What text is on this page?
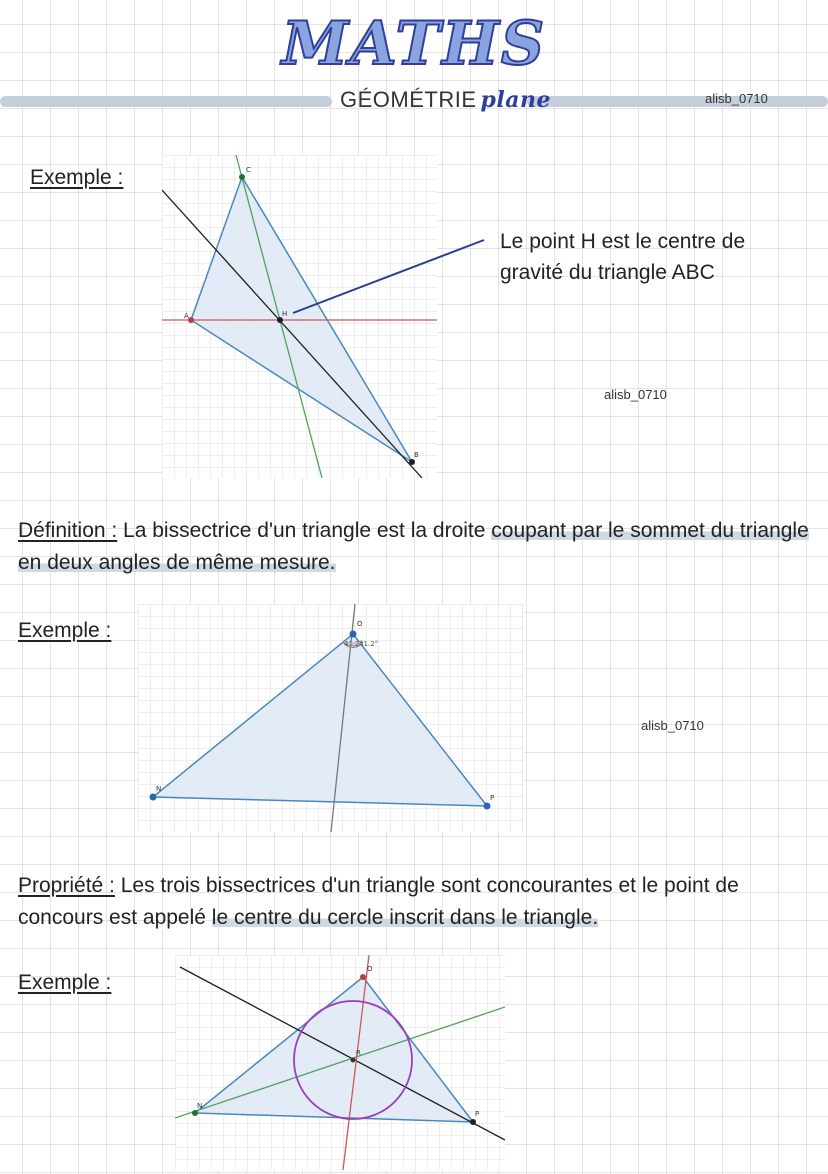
MATHS
GÉOMÉTRIE plane	alisb_0710
Exemple :	C
A
B
H
Le point H est le centre de gravité du triangle ABC
alisb_0710
Définition : La bissectrice d'un triangle est la droite coupant par le sommet du triangle en deux angles de même mesure.
Exemple :
41.2°
41.2°
O
N
P
alisb_0710
Propriété : Les trois bissectrices d'un triangle sont concourantes et le point de concours est appelé le centre du cercle inscrit dans le triangle.
Exemple :
O
N
P
R
